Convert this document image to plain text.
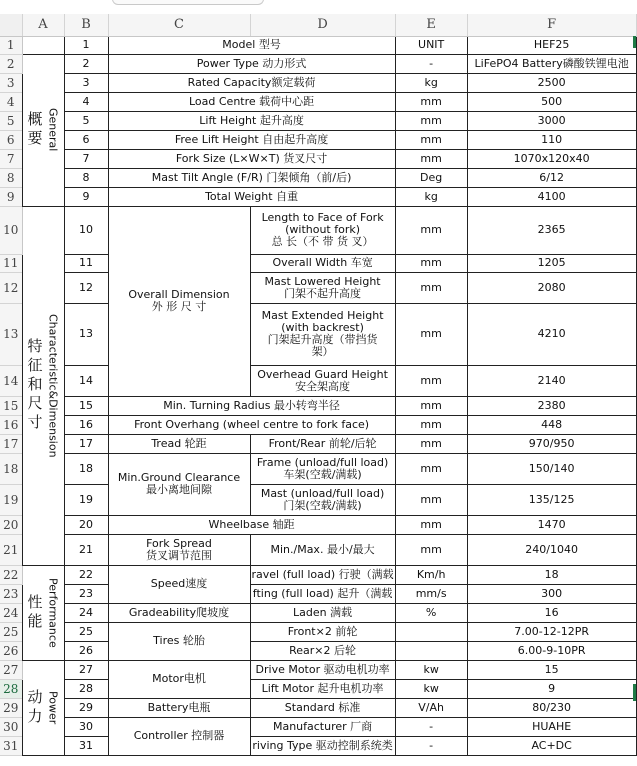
	A	B	C	D	E	F
1		1	Model 型号		UNIT	HEF25
2	概要 General	2	Power Type 动力形式		-	LiFePO4 Battery磷酸铁锂电池
3		3	Rated Capacity额定载荷		kg	2500
4		4	Load Centre 载荷中心距		mm	500
5		5	Lift Height 起升高度		mm	3000
6		6	Free Lift Height 自由起升高度		mm	110
7		7	Fork Size (L×W×T) 货叉尺寸		mm	1070x120x40
8		8	Mast Tilt Angle (F/R) 门架倾角（前/后)		Deg	6/12
9		9	Total Weight 自重		kg	4100
10	特征和尺寸 Characteristic&Dimension	10	Overall Dimension
外 形 尺 寸	Length to Face of Fork
(without fork)
总 长（不 带 货 叉）	mm	2365
11		11		Overall Width 车宽	mm	1205
12		12		Mast Lowered Height
门架不起升高度	mm	2080
13		13		Mast Extended Height
(with backrest)
门架起升高度（带挡货
架）	mm	4210
14		14		Overhead Guard Height
安全架高度	mm	2140
15		15	Min. Turning Radius 最小转弯半径		mm	2380
16		16	Front Overhang (wheel centre to fork face)		mm	448
17		17	Tread 轮距	Front/Rear 前轮/后轮	mm	970/950
18		18	Min.Ground Clearance
最小离地间隙	Frame (unload/full load)
车架(空载/满载)	mm	150/140
19		19		Mast (unload/full load)
门架(空载/满载)	mm	135/125
20		20	Wheelbase 轴距		mm	1470
21		21	Fork Spread
货叉调节范围	Min./Max. 最小/最大	mm	240/1040
22	性能 Performance	22	Speed速度	ravel (full load) 行驶（满载	Km/h	18
23		23		fting (full load) 起升（满载	mm/s	300
24		24	Gradeability爬坡度	Laden 满载	%	16
25		25	Tires 轮胎	Front×2 前轮		7.00-12-12PR
26		26		Rear×2 后轮		6.00-9-10PR
27	动力 Power	27	Motor电机	Drive Motor 驱动电机功率	kw	15
28		28		Lift Motor 起升电机功率	kw	9
29		29	Battery电瓶	Standard 标准	V/Ah	80/230
30		30	Controller 控制器	Manufacturer 厂商	-	HUAHE
31		31		riving Type 驱动控制系统类	-	AC+DC
